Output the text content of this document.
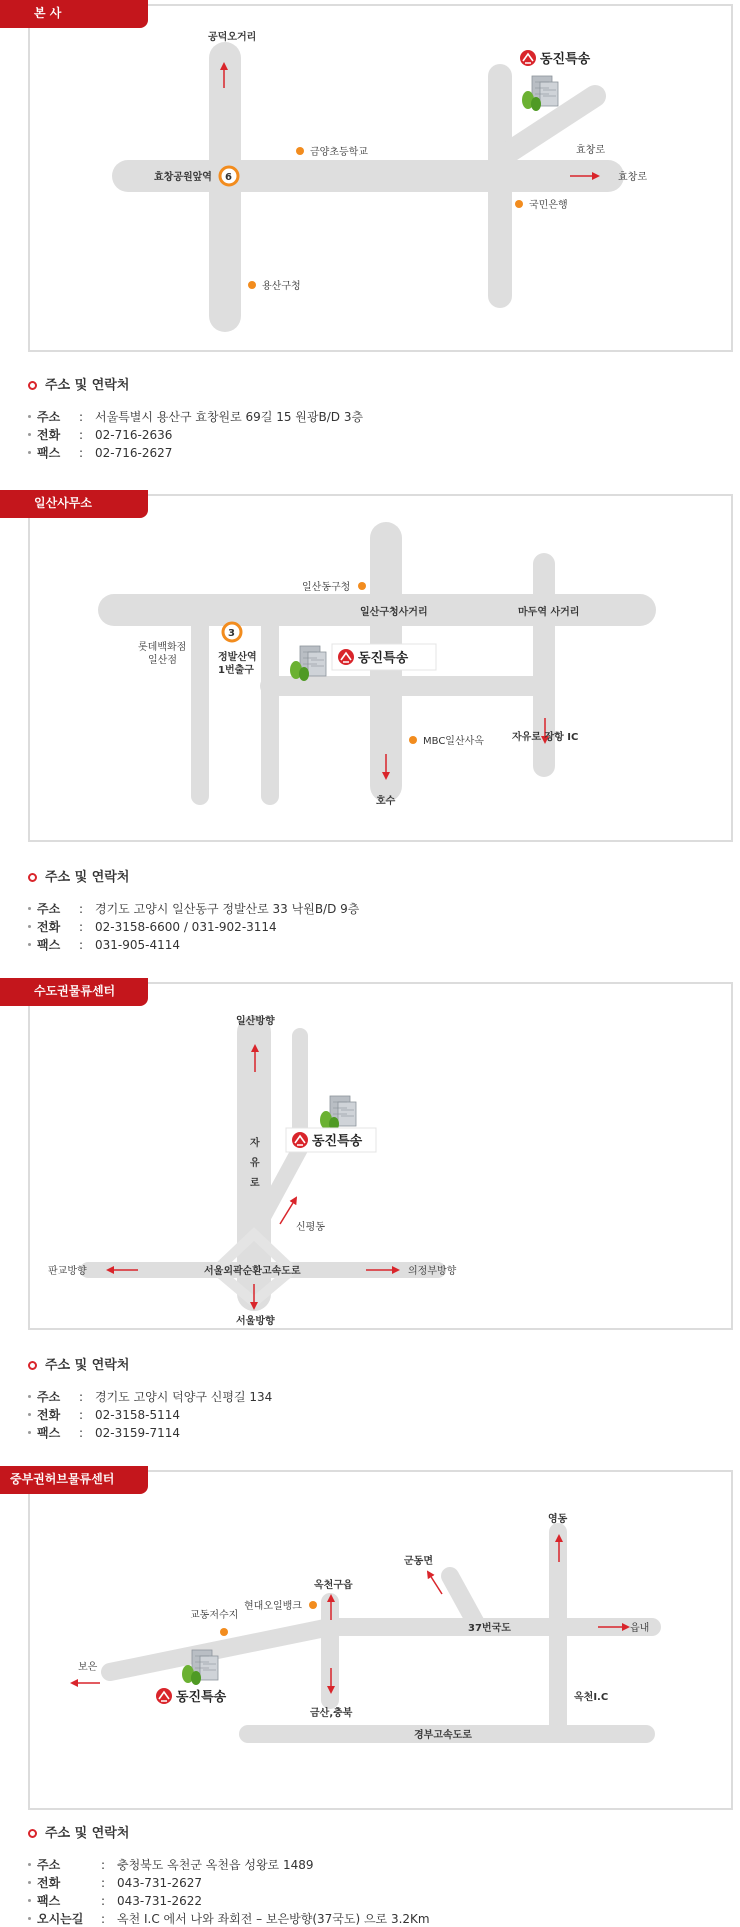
본 사
공덕오거리
금양초등학교
효창공원앞역 6
효창로
효창로
국민은행
용산구청
동진특송
주소 및 연락처
주소 : 서울특별시 용산구 효창원로 69길 15 원광B/D 3층
전화 : 02-716-2636
팩스 : 02-716-2627
일산사무소
일산동구청
일산구청사거리	마두역 사거리
롯데백화점
일산점
3
정발산역
1번출구
동진특송
MBC일산사옥	자유로 장항 IC
호수
주소 및 연락처
주소 : 경기도 고양시 일산동구 정발산로 33 낙원B/D 9층
전화 : 02-3158-6600 / 031-902-3114
팩스 : 031-905-4114
수도권물류센터
일산방향
자
유
로
동진특송
신평동
판교방향	서울외곽순환고속도로	의정부방향
서울방향
주소 및 연락처
주소 : 경기도 고양시 덕양구 신평길 134
전화 : 02-3158-5114
팩스 : 02-3159-7114
중부권허브물류센터
영동
군동면
옥천구읍
현대오일뱅크
교동저수지
37번국도	읍내
보은
동진특송
금산,충북
옥천I.C
경부고속도로
주소 및 연락처
주소	: 충청북도 옥천군 옥천읍 성왕로 1489
전화	: 043-731-2627
팩스	: 043-731-2622
오시는길 : 옥천 I.C 에서 나와 좌회전 – 보은방향(37국도) 으로 3.2Km
